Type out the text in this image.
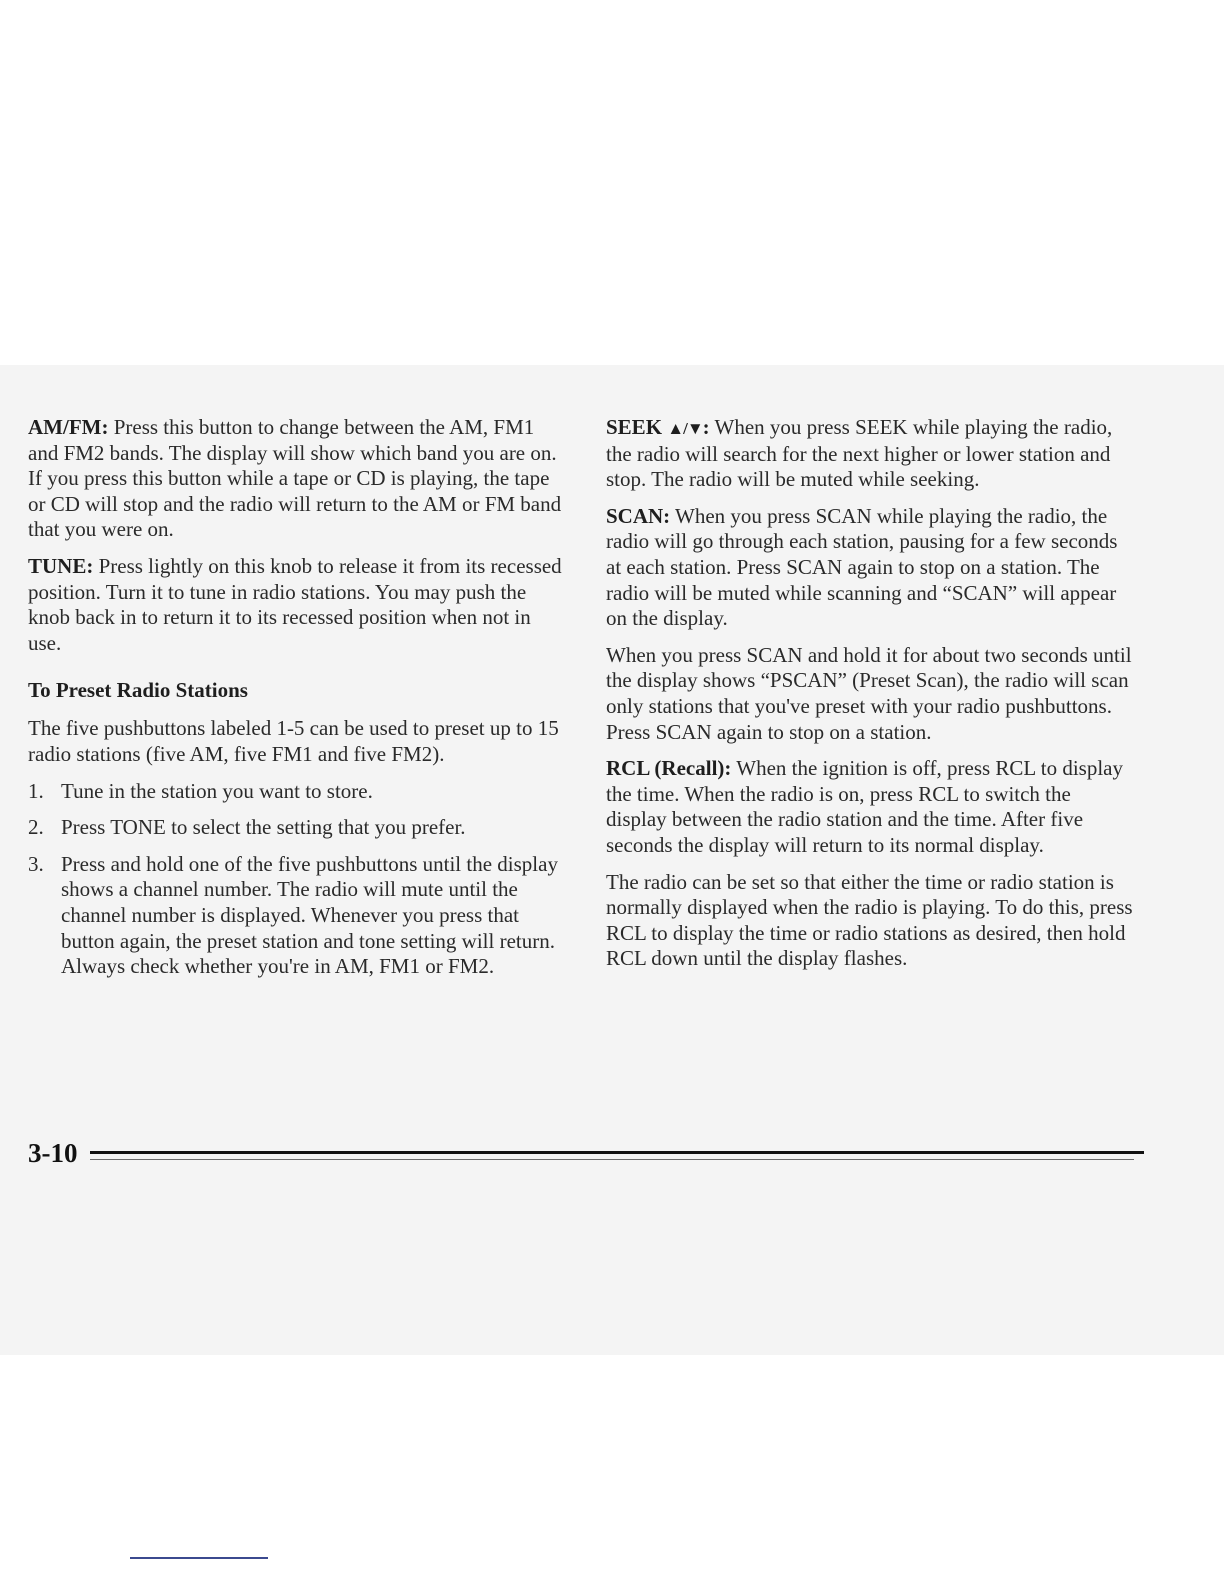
AM/FM: Press this button to change between the AM, FM1 and FM2 bands. The display will show which band you are on. If you press this button while a tape or CD is playing, the tape or CD will stop and the radio will return to the AM or FM band that you were on.

TUNE: Press lightly on this knob to release it from its recessed position. Turn it to tune in radio stations. You may push the knob back in to return it to its recessed position when not in use.

To Preset Radio Stations

The five pushbuttons labeled 1-5 can be used to preset up to 15 radio stations (five AM, five FM1 and five FM2).

1. Tune in the station you want to store.
2. Press TONE to select the setting that you prefer.
3. Press and hold one of the five pushbuttons until the display shows a channel number. The radio will mute until the channel number is displayed. Whenever you press that button again, the preset station and tone setting will return. Always check whether you're in AM, FM1 or FM2.

SEEK ▲/▼: When you press SEEK while playing the radio, the radio will search for the next higher or lower station and stop. The radio will be muted while seeking.

SCAN: When you press SCAN while playing the radio, the radio will go through each station, pausing for a few seconds at each station. Press SCAN again to stop on a station. The radio will be muted while scanning and “SCAN” will appear on the display.

When you press SCAN and hold it for about two seconds until the display shows “PSCAN” (Preset Scan), the radio will scan only stations that you've preset with your radio pushbuttons. Press SCAN again to stop on a station.

RCL (Recall): When the ignition is off, press RCL to display the time. When the radio is on, press RCL to switch the display between the radio station and the time. After five seconds the display will return to its normal display.

The radio can be set so that either the time or radio station is normally displayed when the radio is playing. To do this, press RCL to display the time or radio stations as desired, then hold RCL down until the display flashes.

3-10
